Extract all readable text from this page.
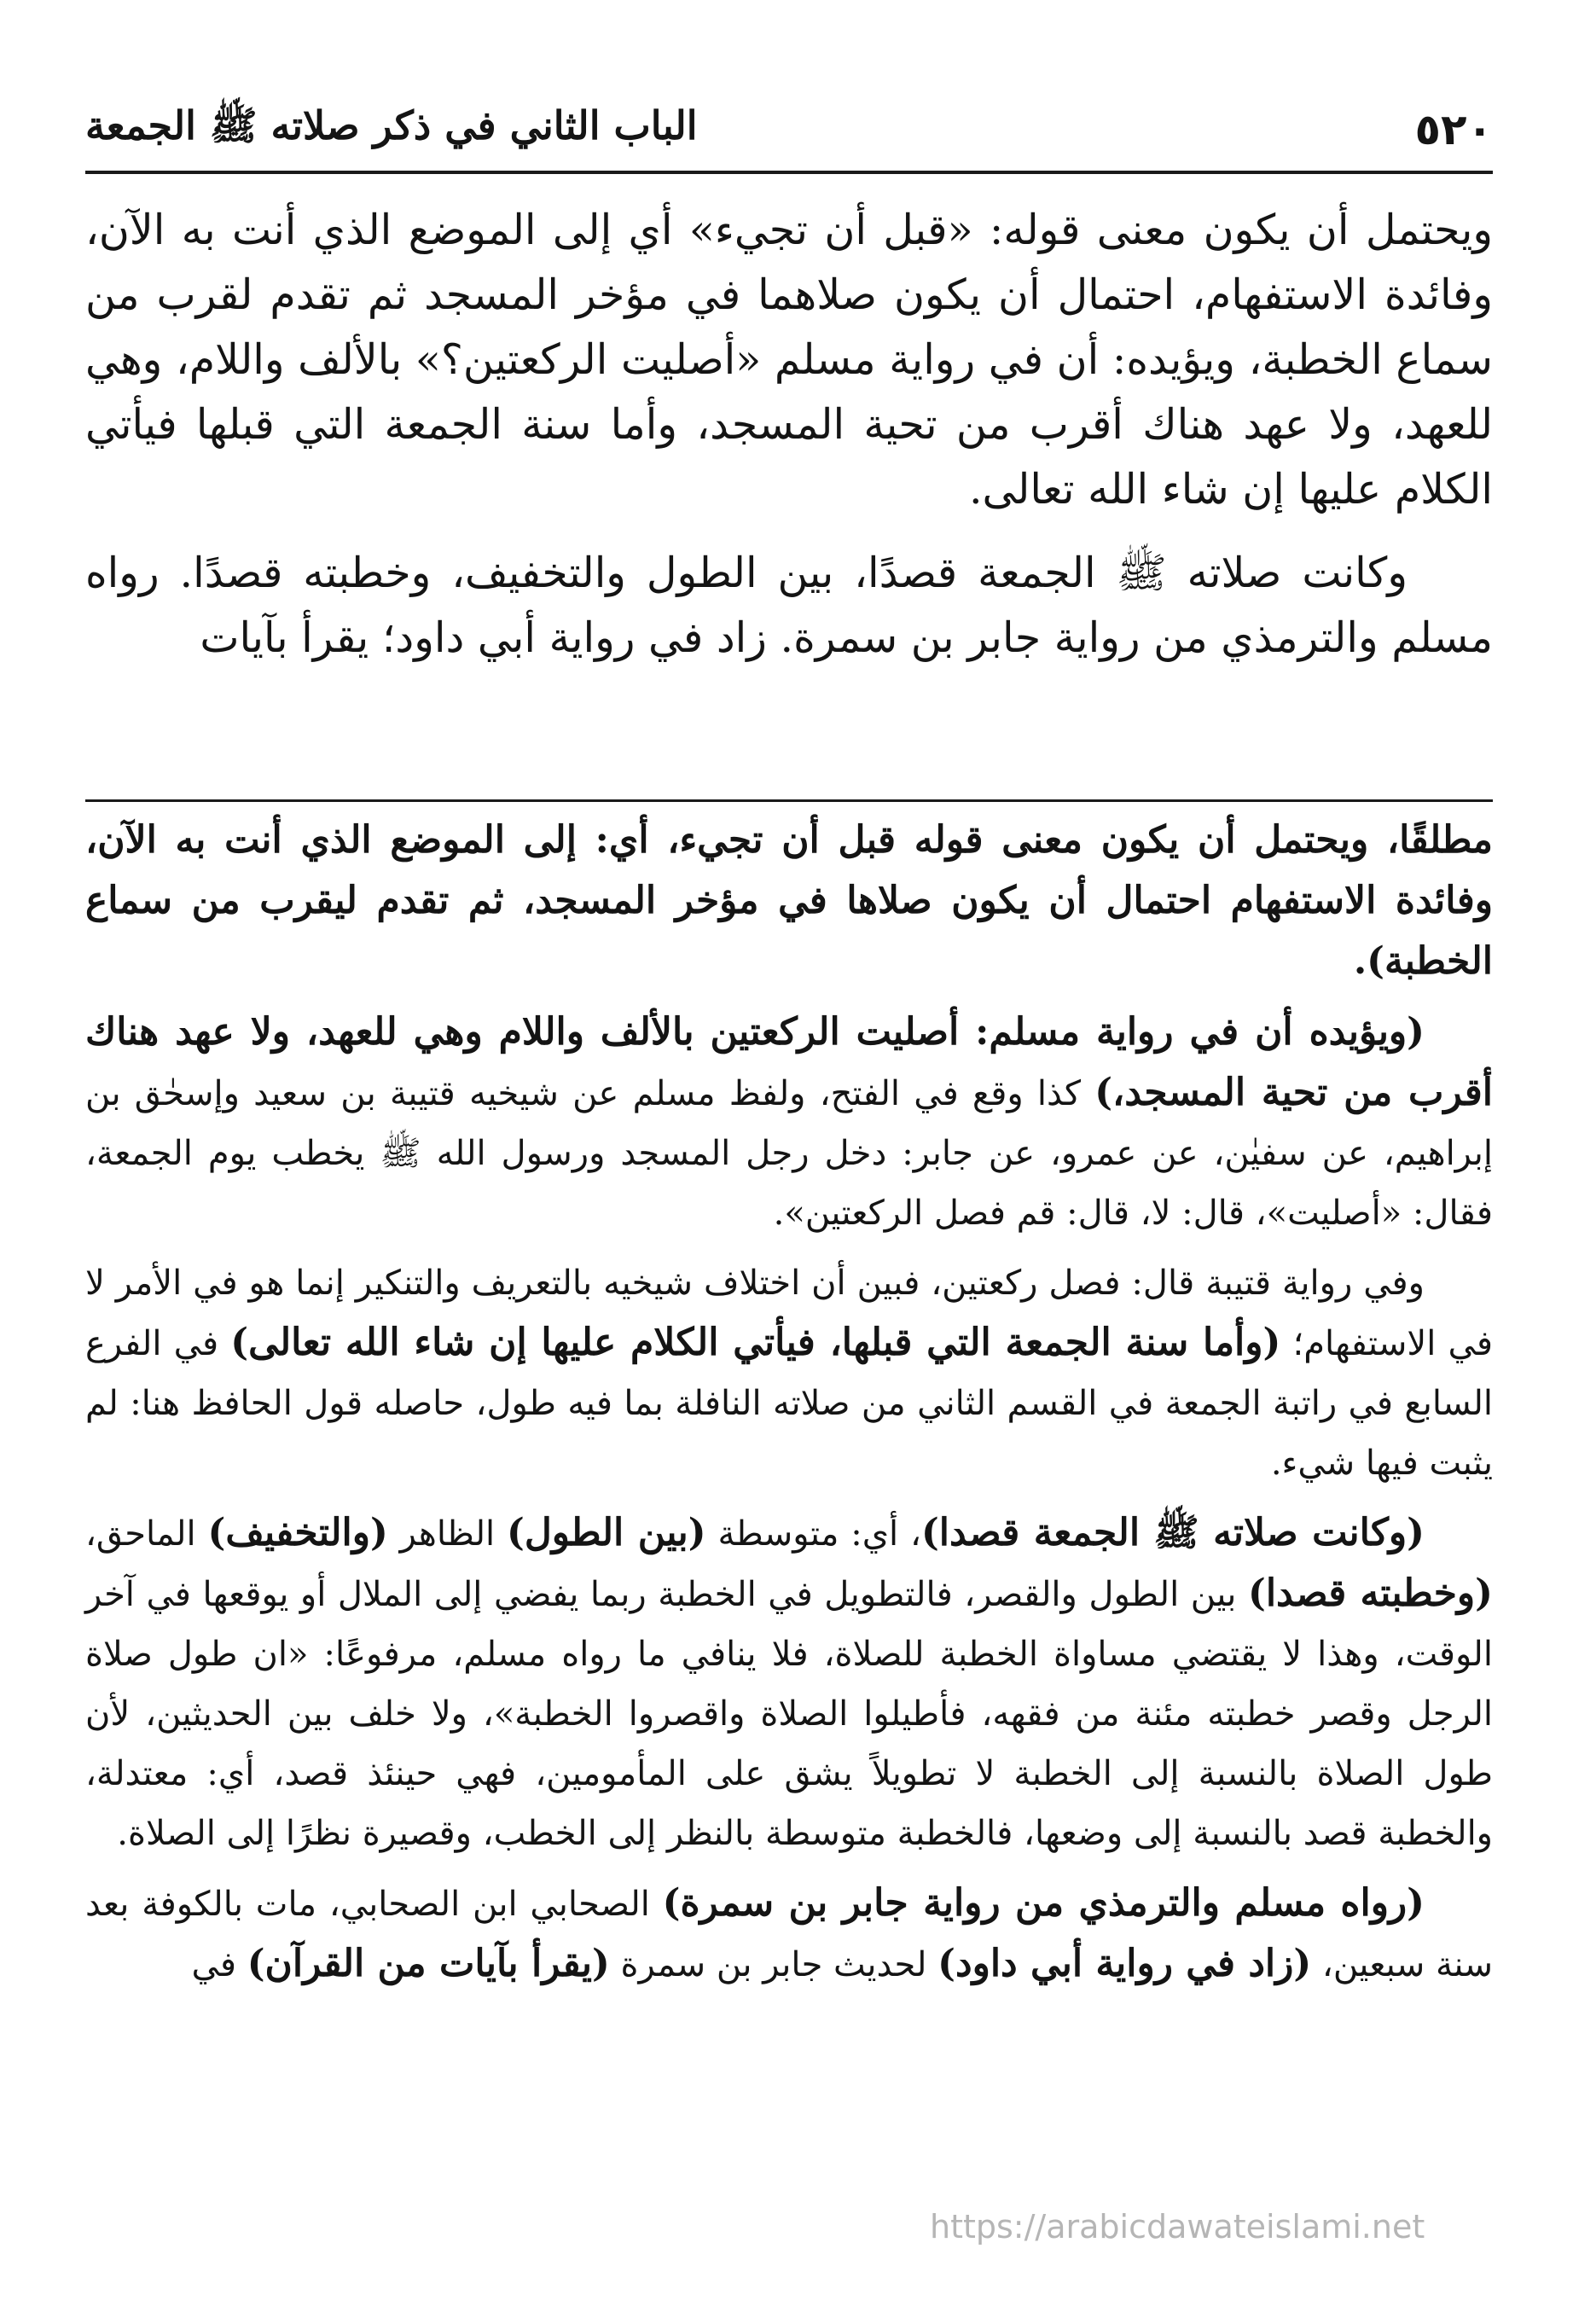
٥٢٠
الباب الثاني في ذكر صلاته ﷺ الجمعة

ويحتمل أن يكون معنى قوله: «قبل أن تجيء» أي إلى الموضع الذي أنت به الآن، وفائدة الاستفهام، احتمال أن يكون صلاهما في مؤخر المسجد ثم تقدم لقرب من سماع الخطبة، ويؤيده: أن في رواية مسلم «أصليت الركعتين؟» بالألف واللام، وهي للعهد، ولا عهد هناك أقرب من تحية المسجد، وأما سنة الجمعة التي قبلها فيأتي الكلام عليها إن شاء الله تعالى.

وكانت صلاته ﷺ الجمعة قصدًا، بين الطول والتخفيف، وخطبته قصدًا. رواه مسلم والترمذي من رواية جابر بن سمرة. زاد في رواية أبي داود؛ يقرأ بآيات

مطلقًا، ويحتمل أن يكون معنى قوله قبل أن تجيء، أي: إلى الموضع الذي أنت به الآن، وفائدة الاستفهام احتمال أن يكون صلاها في مؤخر المسجد، ثم تقدم ليقرب من سماع الخطبة).

(ويؤيده أن في رواية مسلم: أصليت الركعتين بالألف واللام وهي للعهد، ولا عهد هناك أقرب من تحية المسجد،) كذا وقع في الفتح، ولفظ مسلم عن شيخيه قتيبة بن سعيد وإسحٰق بن إبراهيم، عن سفيٰن، عن عمرو، عن جابر: دخل رجل المسجد ورسول الله ﷺ يخطب يوم الجمعة، فقال: «أصليت»، قال: لا، قال: قم فصل الركعتين».

وفي رواية قتيبة قال: فصل ركعتين، فبين أن اختلاف شيخيه بالتعريف والتنكير إنما هو في الأمر لا في الاستفهام؛ (وأما سنة الجمعة التي قبلها، فيأتي الكلام عليها إن شاء الله تعالى) في الفرع السابع في راتبة الجمعة في القسم الثاني من صلاته النافلة بما فيه طول، حاصله قول الحافظ هنا: لم يثبت فيها شيء.

(وكانت صلاته ﷺ الجمعة قصدا)، أي: متوسطة (بين الطول) الظاهر (والتخفيف) الماحق، (وخطبته قصدا) بين الطول والقصر، فالتطويل في الخطبة ربما يفضي إلى الملال أو يوقعها في آخر الوقت، وهذا لا يقتضي مساواة الخطبة للصلاة، فلا ينافي ما رواه مسلم، مرفوعًا: «ان طول صلاة الرجل وقصر خطبته مئنة من فقهه، فأطيلوا الصلاة واقصروا الخطبة»، ولا خلف بين الحديثين، لأن طول الصلاة بالنسبة إلى الخطبة لا تطويلاً يشق على المأمومين، فهي حينئذ قصد، أي: معتدلة، والخطبة قصد بالنسبة إلى وضعها، فالخطبة متوسطة بالنظر إلى الخطب، وقصيرة نظرًا إلى الصلاة.

(رواه مسلم والترمذي من رواية جابر بن سمرة) الصحابي ابن الصحابي، مات بالكوفة بعد سنة سبعين، (زاد في رواية أبي داود) لحديث جابر بن سمرة (يقرأ بآيات من القرآن) في

https://arabicdawateislami.net
